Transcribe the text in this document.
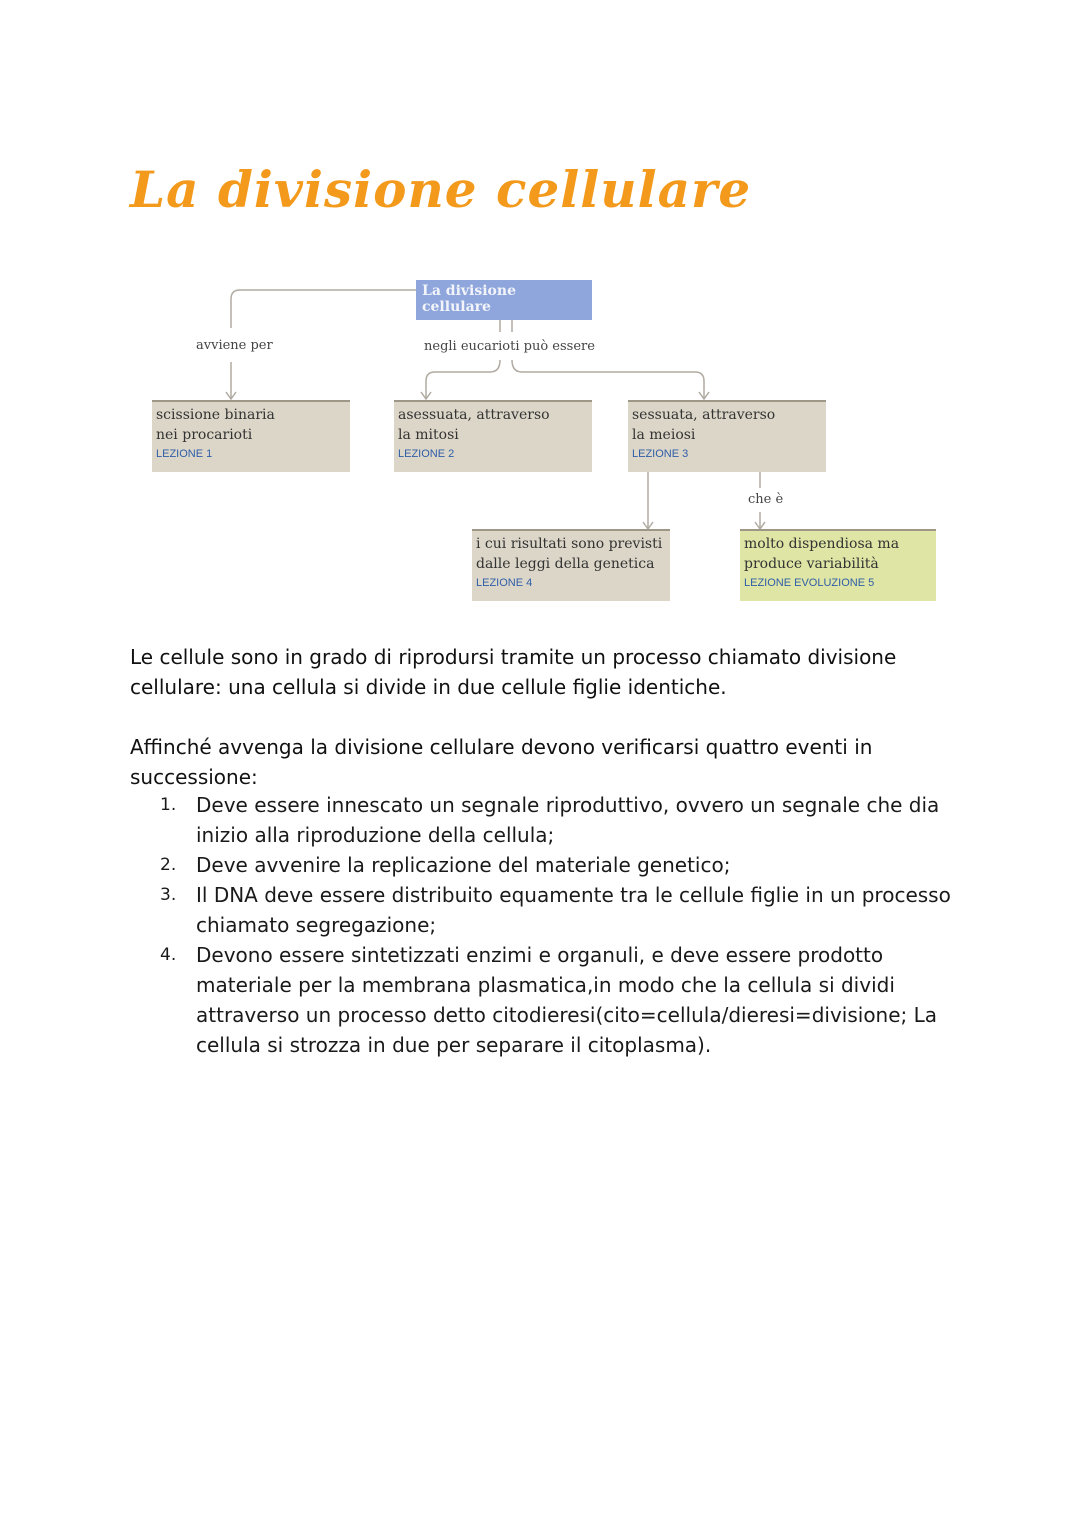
La divisione cellulare
La divisione cellulare
avviene per	negli eucarioti può essere
che è
scissione binaria
nei procarioti
LEZIONE 1
asessuata, attraverso
la mitosi
LEZIONE 2
sessuata, attraverso
la meiosi
LEZIONE 3
i cui risultati sono previsti
dalle leggi della genetica
LEZIONE 4
molto dispendiosa ma
produce variabilità
LEZIONE EVOLUZIONE 5

Le cellule sono in grado di riprodursi tramite un processo chiamato divisione cellulare: una cellula si divide in due cellule figlie identiche.

Affinché avvenga la divisione cellulare devono verificarsi quattro eventi in successione:

1. Deve essere innescato un segnale riproduttivo, ovvero un segnale che dia inizio alla riproduzione della cellula;
2. Deve avvenire la replicazione del materiale genetico;
3. Il DNA deve essere distribuito equamente tra le cellule figlie in un processo chiamato segregazione;
4. Devono essere sintetizzati enzimi e organuli, e deve essere prodotto materiale per la membrana plasmatica,in modo che la cellula si dividi attraverso un processo detto citodieresi(cito=cellula/dieresi=divisione; La cellula si strozza in due per separare il citoplasma).
